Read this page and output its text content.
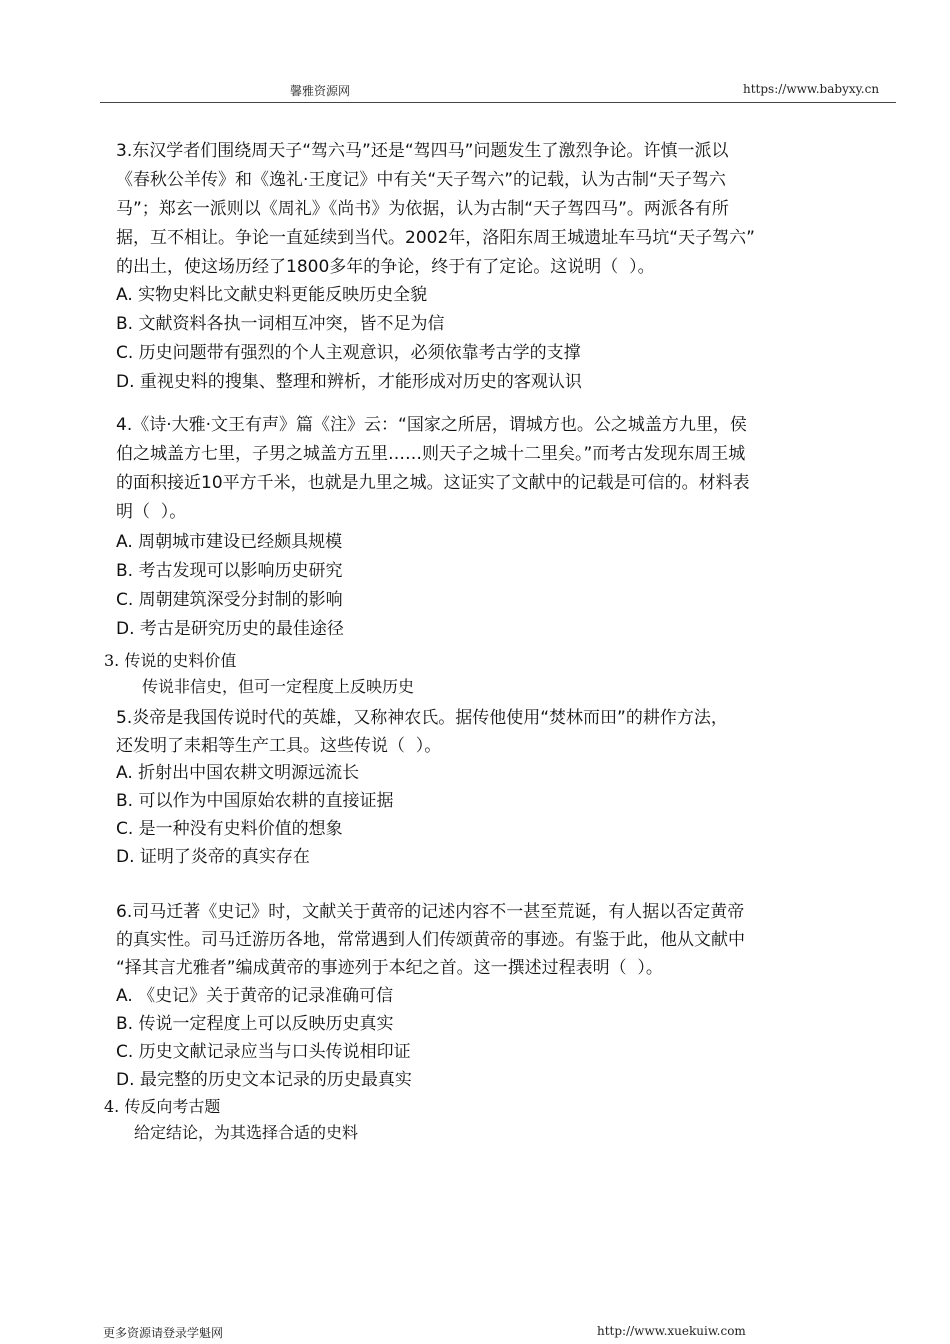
馨雅资源网	https://www.babyxy.cn
3.东汉学者们围绕周天子“驾六马”还是“驾四马”问题发生了激烈争论。许慎一派以
《春秋公羊传》和《逸礼·王度记》中有关“天子驾六”的记载，认为古制“天子驾六
马”；郑玄一派则以《周礼》《尚书》为依据，认为古制“天子驾四马”。两派各有所
据，互不相让。争论一直延续到当代。2002年，洛阳东周王城遗址车马坑“天子驾六”
的出土，使这场历经了1800多年的争论，终于有了定论。这说明（  ）。
A. 实物史料比文献史料更能反映历史全貌
B. 文献资料各执一词相互冲突，皆不足为信
C. 历史问题带有强烈的个人主观意识，必须依靠考古学的支撑
D. 重视史料的搜集、整理和辨析，才能形成对历史的客观认识
4.《诗·大雅·文王有声》篇《注》云：“国家之所居，谓城方也。公之城盖方九里，侯
伯之城盖方七里，子男之城盖方五里……则天子之城十二里矣。”而考古发现东周王城
的面积接近10平方千米，也就是九里之城。这证实了文献中的记载是可信的。材料表
明（  ）。
A. 周朝城市建设已经颇具规模
B. 考古发现可以影响历史研究
C. 周朝建筑深受分封制的影响
D. 考古是研究历史的最佳途径
3. 传说的史料价值
传说非信史，但可一定程度上反映历史
5.炎帝是我国传说时代的英雄，又称神农氏。据传他使用“焚林而田”的耕作方法，
还发明了耒耜等生产工具。这些传说（  ）。
A. 折射出中国农耕文明源远流长
B. 可以作为中国原始农耕的直接证据
C. 是一种没有史料价值的想象
D. 证明了炎帝的真实存在
6.司马迁著《史记》时，文献关于黄帝的记述内容不一甚至荒诞，有人据以否定黄帝
的真实性。司马迁游历各地，常常遇到人们传颂黄帝的事迹。有鉴于此，他从文献中
“择其言尤雅者”编成黄帝的事迹列于本纪之首。这一撰述过程表明（  ）。
A. 《史记》关于黄帝的记录准确可信
B. 传说一定程度上可以反映历史真实
C. 历史文献记录应当与口头传说相印证
D. 最完整的历史文本记录的历史最真实
4. 传反向考古题
给定结论，为其选择合适的史料
更多资源请登录学魁网	http://www.xuekuiw.com
